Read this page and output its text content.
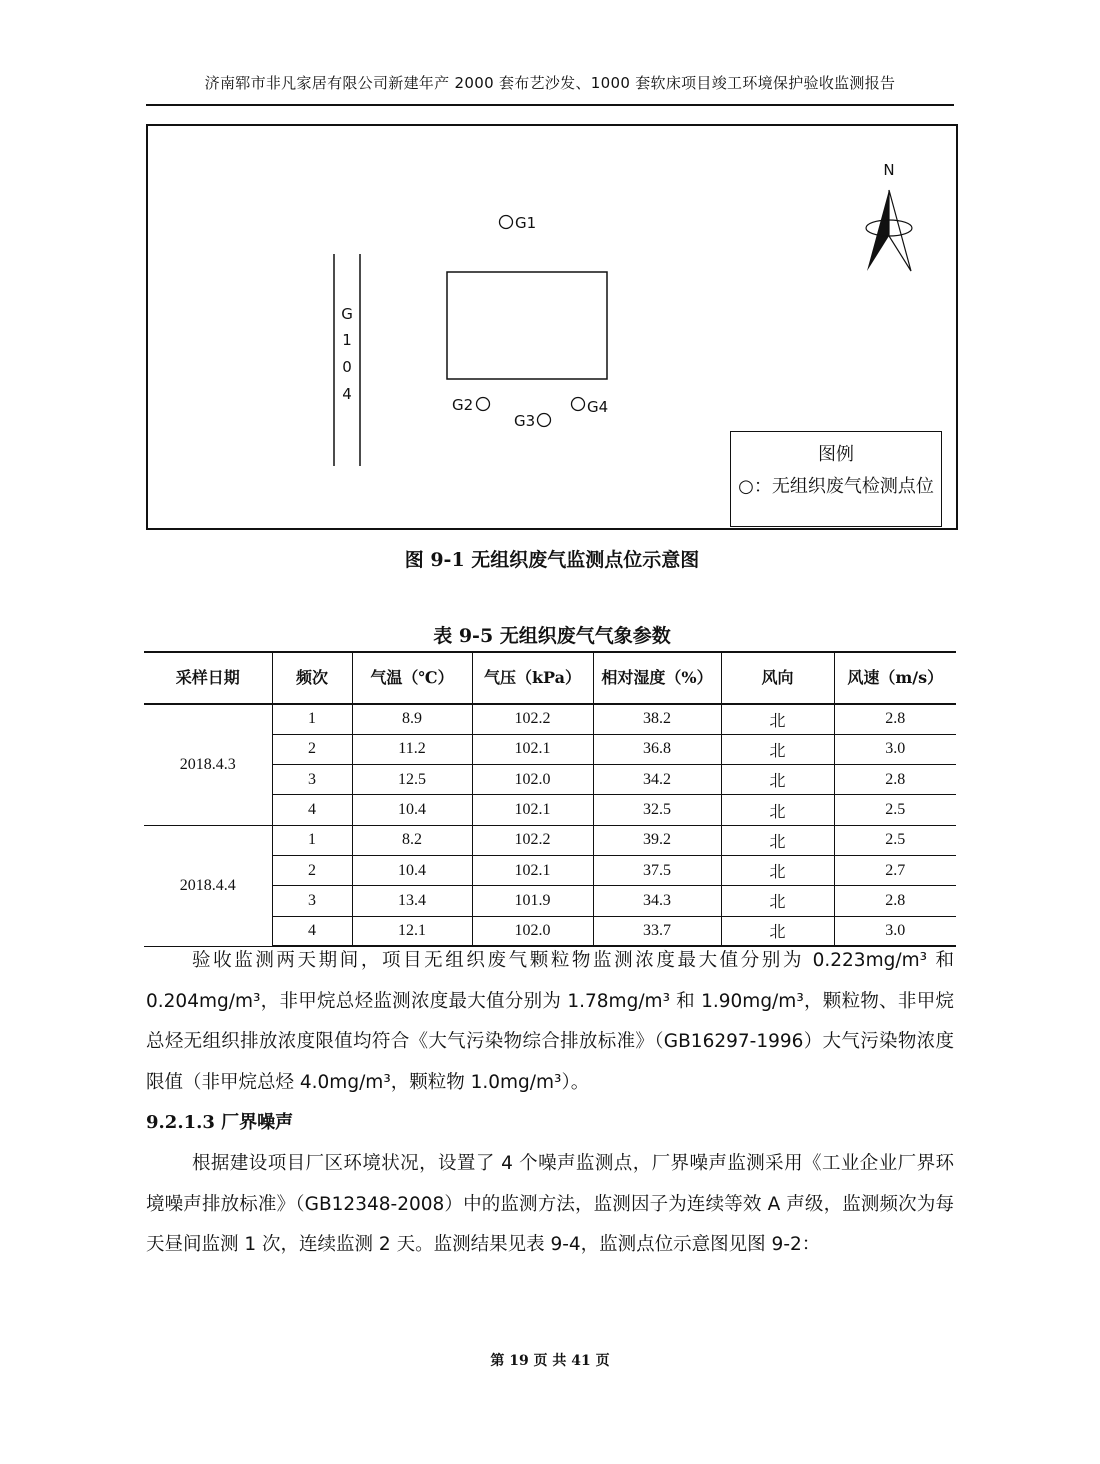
济南郓市非凡家居有限公司新建年产 2000 套布艺沙发、1000 套软床项目竣工环境保护验收监测报告
G
1
0
4
G1
G2
G3
G4
N
图例
○：无组织废气检测点位
图 9-1 无组织废气监测点位示意图
表 9-5 无组织废气气象参数
采样日期	频次	气温（℃）	气压（kPa）	相对湿度（%）	风向	风速（m/s）
2018.4.3	1	8.9	102.2	38.2	北	2.8
	2	11.2	102.1	36.8	北	3.0
	3	12.5	102.0	34.2	北	2.8
	4	10.4	102.1	32.5	北	2.5
2018.4.4	1	8.2	102.2	39.2	北	2.5
	2	10.4	102.1	37.5	北	2.7
	3	13.4	101.9	34.3	北	2.8
	4	12.1	102.0	33.7	北	3.0

验收监测两天期间，项目无组织废气颗粒物监测浓度最大值分别为 0.223mg/m³ 和 0.204mg/m³，非甲烷总烃监测浓度最大值分别为 1.78mg/m³ 和 1.90mg/m³，颗粒物、非甲烷总烃无组织排放浓度限值均符合《大气污染物综合排放标准》（GB16297-1996）大气污染物浓度限值（非甲烷总烃 4.0mg/m³，颗粒物 1.0mg/m³）。

9.2.1.3 厂界噪声

根据建设项目厂区环境状况，设置了 4 个噪声监测点，厂界噪声监测采用《工业企业厂界环境噪声排放标准》（GB12348-2008）中的监测方法，监测因子为连续等效 A 声级，监测频次为每天昼间监测 1 次，连续监测 2 天。监测结果见表 9-4，监测点位示意图见图 9-2：

第 19 页 共 41 页
